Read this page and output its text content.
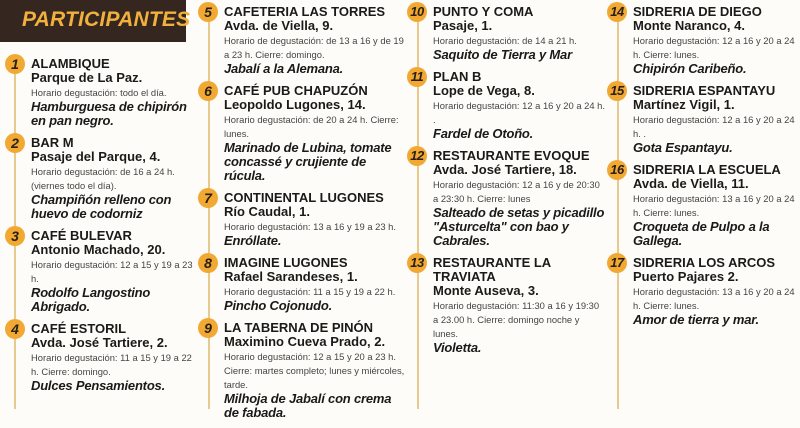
PARTICIPANTES
1 ALAMBIQUE
Parque de La Paz.
Horario degustación: todo el día.
Hamburguesa de chipirón en pan negro.
2 BAR M
Pasaje del Parque, 4.
Horario degustación: de 16 a 24 h. (viernes todo el día).
Champiñón relleno con huevo de codorniz
3 CAFÉ BULEVAR
Antonio Machado, 20.
Horario degustación: 12 a 15 y 19 a 23 h.
Rodolfo Langostino Abrigado.
4 CAFÉ ESTORIL
Avda. José Tartiere, 2.
Horario degustación: 11 a 15 y 19 a 22 h. Cierre: domingo.
Dulces Pensamientos.
5 CAFETERIA LAS TORRES
Avda. de Viella, 9.
Horario de degustación: de 13 a 16 y de 19 a 23 h. Cierre: domingo.
Jabalí a la Alemana.
6 CAFÉ PUB CHAPUZÓN
Leopoldo Lugones, 14.
Horario degustación: de 20 a 24 h. Cierre: lunes.
Marinado de Lubina, tomate concassé y crujiente de rúcula.
7 CONTINENTAL LUGONES
Río Caudal, 1.
Horario degustación: 13 a 16 y 19 a 23 h.
Enróllate.
8 IMAGINE LUGONES
Rafael Sarandeses, 1.
Horario degustación: 11 a 15 y 19 a 22 h.
Pincho Cojonudo.
9 LA TABERNA DE PINÓN
Maximino Cueva Prado, 2.
Horario degustación: 12 a 15 y 20 a 23 h. Cierre: martes completo; lunes y miércoles, tarde.
Milhoja de Jabalí con crema de fabada.
10 PUNTO Y COMA
Pasaje, 1.
Horario degustación: de 14 a 21 h.
Saquito de Tierra y Mar
11 PLAN B
Lope de Vega, 8.
Horario degustación: 12 a 16 y 20 a 24 h. .
Fardel de Otoño.
12 RESTAURANTE EVOQUE
Avda. José Tartiere, 18.
Horario degustación: 12 a 16 y de 20:30 a 23:30 h. Cierre: lunes
Salteado de setas y picadillo "Asturcelta" con bao y Cabrales.
13 RESTAURANTE LA TRAVIATA
Monte Auseva, 3.
Horario degustación: 11:30 a 16 y 19:30 a 23.00 h. Cierre: domingo noche y lunes.
Violetta.
14 SIDRERIA DE DIEGO
Monte Naranco, 4.
Horario degustación: 12 a 16 y 20 a 24 h. Cierre: lunes.
Chipirón Caribeño.
15 SIDRERIA ESPANTAYU
Martínez Vigil, 1.
Horario degustación: 12 a 16 y 20 a 24 h. .
Gota Espantayu.
16 SIDRERIA LA ESCUELA
Avda. de Viella, 11.
Horario degustación: 13 a 16 y 20 a 24 h. Cierre: lunes.
Croqueta de Pulpo a la Gallega.
17 SIDRERIA LOS ARCOS
Puerto Pajares 2.
Horario degustación: 13 a 16 y 20 a 24 h. Cierre: lunes.
Amor de tierra y mar.
